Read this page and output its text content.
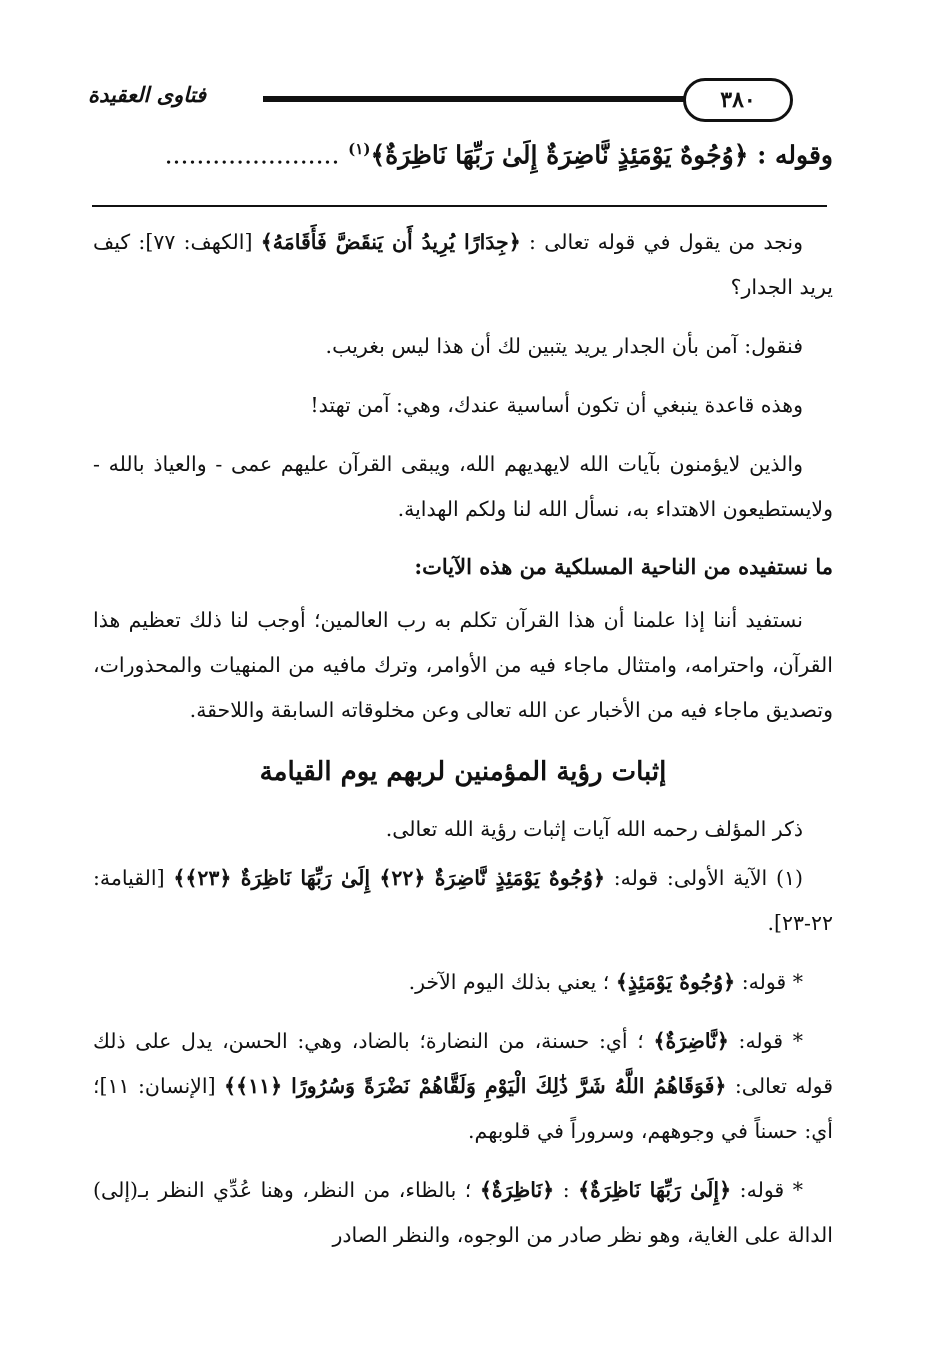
فتاوى العقيدة	٣٨٠
وقوله : ﴿وُجُوهٌ يَوْمَئِذٍ نَّاضِرَةٌ إِلَىٰ رَبِّهَا نَاظِرَةٌ﴾$^{(١)}$ ......................

ونجد من يقول في قوله تعالى : ﴿جِدَارًا يُرِيدُ أَن يَنقَضَّ فَأَقَامَهُ﴾ [الكهف: ٧٧]: كيف يريد الجدار؟

فنقول: آمن بأن الجدار يريد يتبين لك أن هذا ليس بغريب.

وهذه قاعدة ينبغي أن تكون أساسية عندك، وهي: آمن تهتد!

والذين لايؤمنون بآيات الله لايهديهم الله، ويبقى القرآن عليهم عمى - والعياذ بالله - ولايستطيعون الاهتداء به، نسأل الله لنا ولكم الهداية.

ما نستفيده من الناحية المسلكية من هذه الآيات:

نستفيد أننا إذا علمنا أن هذا القرآن تكلم به رب العالمين؛ أوجب لنا ذلك تعظيم هذا القرآن، واحترامه، وامتثال ماجاء فيه من الأوامر، وترك مافيه من المنهيات والمحذورات، وتصديق ماجاء فيه من الأخبار عن الله تعالى وعن مخلوقاته السابقة واللاحقة.

إثبات رؤية المؤمنين لربهم يوم القيامة

ذكر المؤلف رحمه الله آيات إثبات رؤية الله تعالى.

(١) الآية الأولى: قوله: ﴿وُجُوهٌ يَوْمَئِذٍ نَّاضِرَةٌ ﴿٢٢﴾ إِلَىٰ رَبِّهَا نَاظِرَةٌ ﴿٢٣﴾﴾ [القيامة: ٢٢-٢٣].

* قوله: ﴿وُجُوهٌ يَوْمَئِذٍ﴾ ؛ يعني بذلك اليوم الآخر.

* قوله: ﴿نَّاضِرَةٌ﴾ ؛ أي: حسنة، من النضارة؛ بالضاد، وهي: الحسن، يدل على ذلك قوله تعالى: ﴿فَوَقَاهُمُ اللَّهُ شَرَّ ذَٰلِكَ الْيَوْمِ وَلَقَّاهُمْ نَضْرَةً وَسُرُورًا ﴿١١﴾﴾ [الإنسان: ١١]؛ أي: حسناً في وجوههم، وسروراً في قلوبهم.

* قوله: ﴿إِلَىٰ رَبِّهَا نَاظِرَةٌ﴾ : ﴿نَاظِرَةٌ﴾ ؛ بالظاء، من النظر، وهنا عُدِّي النظر بـ(إلى) الدالة على الغاية، وهو نظر صادر من الوجوه، والنظر الصادر
